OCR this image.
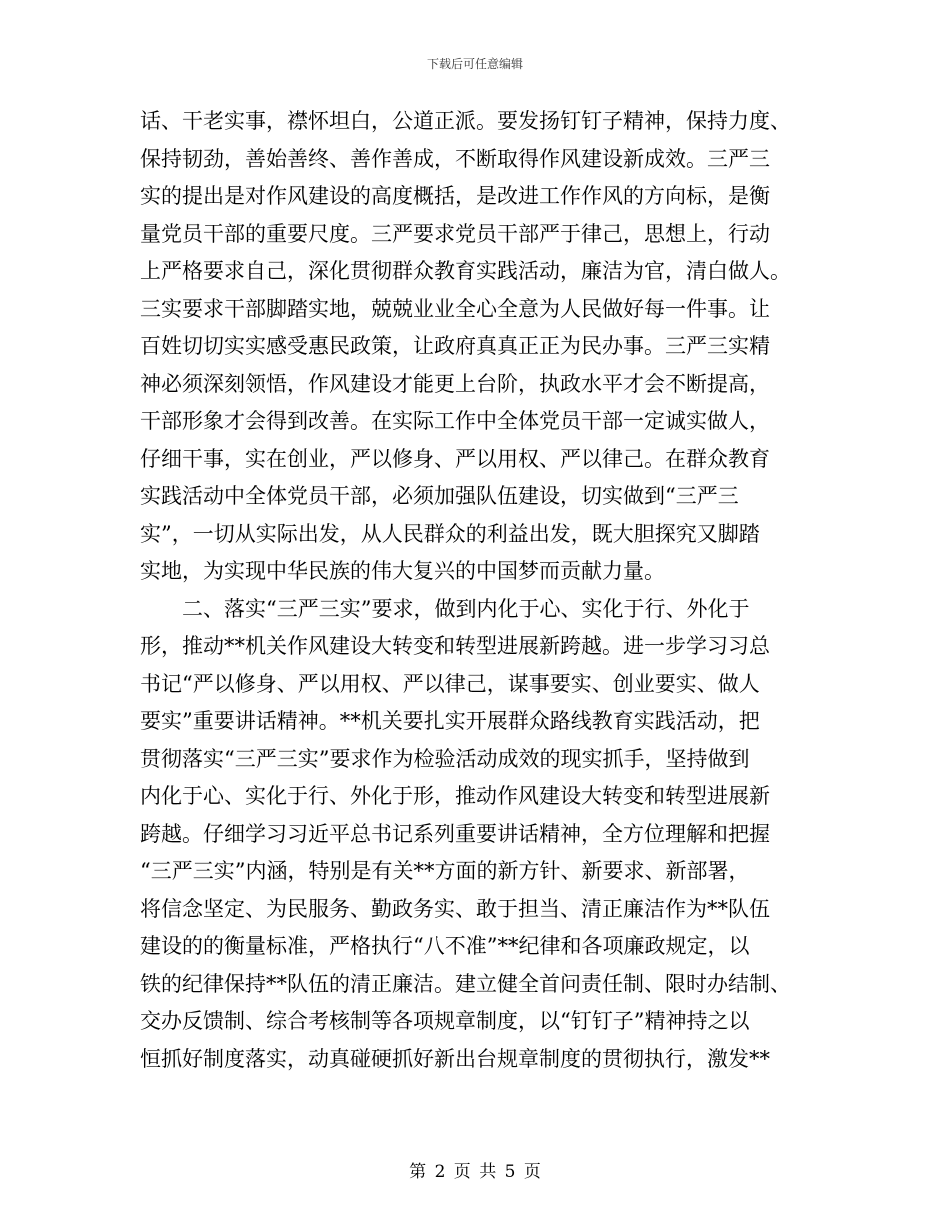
下载后可任意编辑
话、干老实事，襟怀坦白，公道正派。要发扬钉钉子精神，保持力度、
保持韧劲，善始善终、善作善成，不断取得作风建设新成效。三严三
实的提出是对作风建设的高度概括，是改进工作作风的方向标，是衡
量党员干部的重要尺度。三严要求党员干部严于律己，思想上，行动
上严格要求自己，深化贯彻群众教育实践活动，廉洁为官，清白做人。
三实要求干部脚踏实地，兢兢业业全心全意为人民做好每一件事。让
百姓切切实实感受惠民政策，让政府真真正正为民办事。三严三实精
神必须深刻领悟，作风建设才能更上台阶，执政水平才会不断提高，
干部形象才会得到改善。在实际工作中全体党员干部一定诚实做人，
仔细干事，实在创业，严以修身、严以用权、严以律己。在群众教育
实践活动中全体党员干部，必须加强队伍建设，切实做到“三严三
实”，一切从实际出发，从人民群众的利益出发，既大胆探究又脚踏
实地，为实现中华民族的伟大复兴的中国梦而贡献力量。
　　二、落实“三严三实”要求，做到内化于心、实化于行、外化于
形，推动**机关作风建设大转变和转型进展新跨越。进一步学习习总
书记“严以修身、严以用权、严以律己，谋事要实、创业要实、做人
要实”重要讲话精神。**机关要扎实开展群众路线教育实践活动，把
贯彻落实“三严三实”要求作为检验活动成效的现实抓手，坚持做到
内化于心、实化于行、外化于形，推动作风建设大转变和转型进展新
跨越。仔细学习习近平总书记系列重要讲话精神，全方位理解和把握
“三严三实”内涵，特别是有关**方面的新方针、新要求、新部署，
将信念坚定、为民服务、勤政务实、敢于担当、清正廉洁作为**队伍
建设的的衡量标准，严格执行“八不准”**纪律和各项廉政规定，以
铁的纪律保持**队伍的清正廉洁。建立健全首问责任制、限时办结制、
交办反馈制、综合考核制等各项规章制度，以“钉钉子”精神持之以
恒抓好制度落实，动真碰硬抓好新出台规章制度的贯彻执行，激发**
第 2 页 共 5 页
